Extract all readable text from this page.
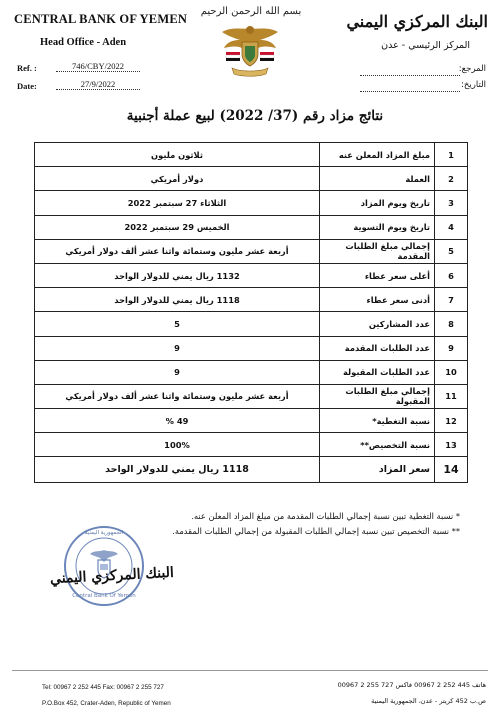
CENTRAL BANK OF YEMEN
Head Office - Aden
Ref. :	746/CBY/2022
Date:	27/9/2022
بسم الله الرحمن الرحيم
البنك المركزي اليمني
المركز الرئيسي - عدن
المرجع:
التاريخ:
نتائج مزاد رقم (37/ 2022) لبيع عملة أجنبية
1	مبلغ المزاد المعلن عنه	ثلاثون مليون
2	العملة	دولار أمريكي
3	تاريخ ويوم المزاد	الثلاثاء 27 سبتمبر 2022
4	تاريخ ويوم التسوية	الخميس 29 سبتمبر 2022
5	إجمالي مبلغ الطلبات المقدمة	أربعة عشر مليون وستمائة واثنا عشر ألف دولار أمريكي
6	أعلى سعر عطاء	1132 ريال يمني للدولار الواحد
7	أدنى سعر عطاء	1118 ريال يمني للدولار الواحد
8	عدد المشاركين	5
9	عدد الطلبات المقدمة	9
10	عدد الطلبات المقبولة	9
11	إجمالي مبلغ الطلبات المقبولة	أربعة عشر مليون وستمائة واثنا عشر ألف دولار أمريكي
12	نسبة التغطية*	49 %
13	نسبة التخصيص**	100%
14	سعر المزاد	1118 ريال يمني للدولار الواحد
* نسبة التغطية تبين نسبة إجمالي الطلبات المقدمة من مبلغ المزاد المعلن عنه.
** نسبة التخصيص تبين نسبة إجمالي الطلبات المقبولة من إجمالي الطلبات المقدمة.
الجمهورية اليمنية
Central Bank Of Yemen
البنك المركزي اليمني
Tel: 00967 2 252 445 Fax: 00967 2 255 727
P.O.Box 452, Crater-Aden, Republic of Yemen
هاتف 445 252 2 00967 فاكس 727 255 2 00967
ص.ب 452 كريتر - عدن، الجمهورية اليمنية
